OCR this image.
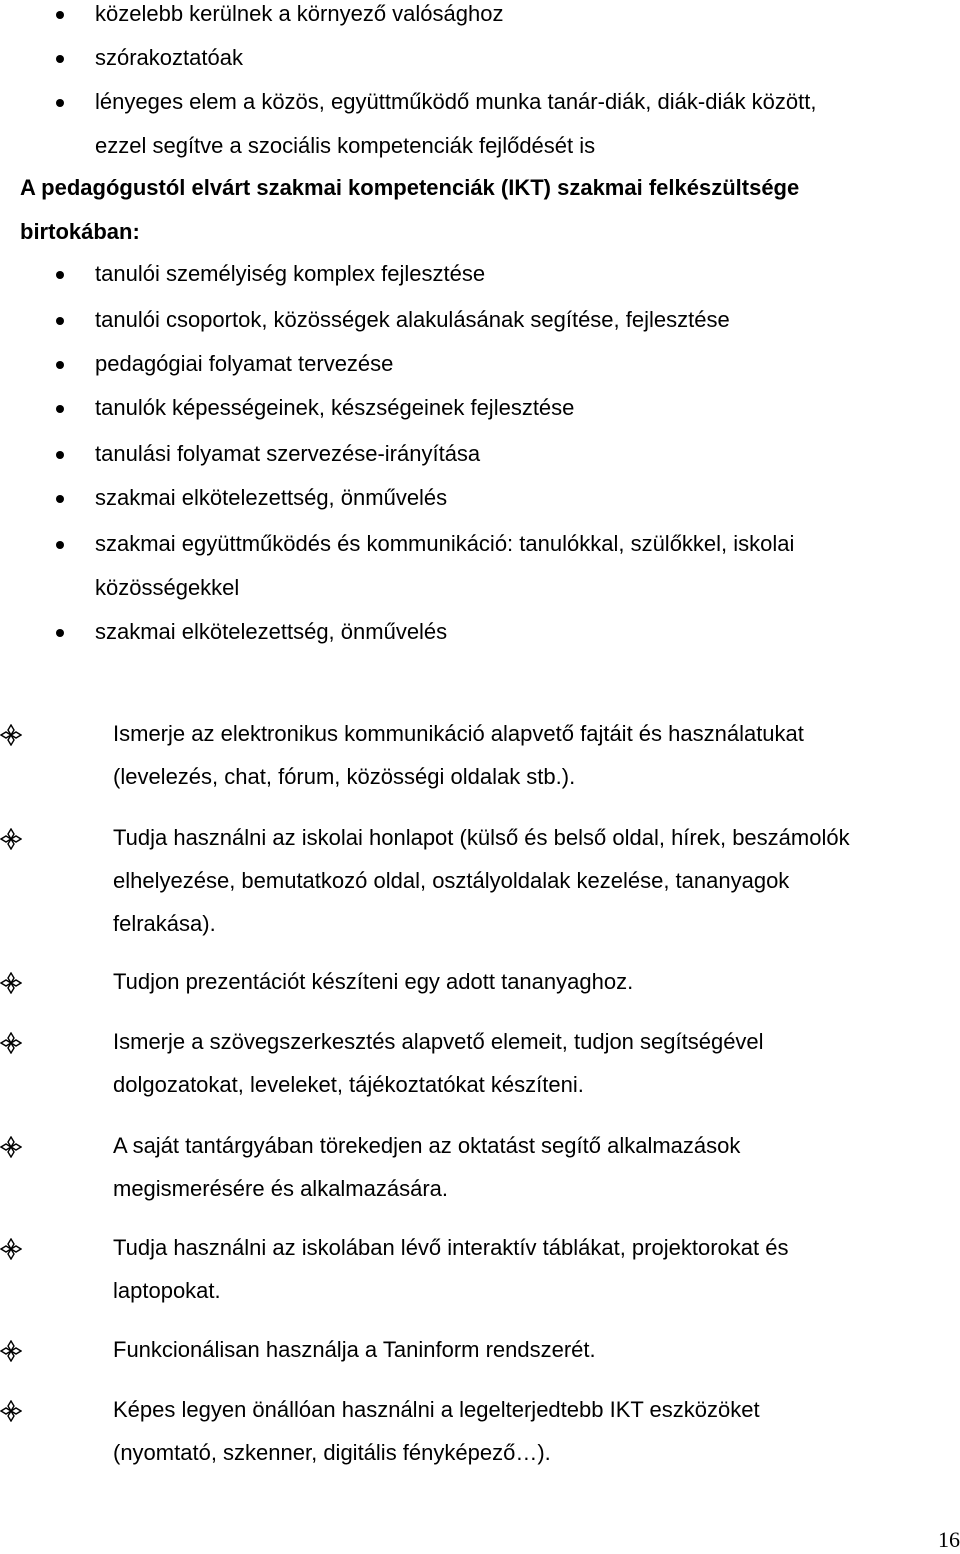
közelebb kerülnek a környező valósághoz
szórakoztatóak
lényeges elem a közös, együttműködő munka tanár-diák, diák-diák között,
ezzel segítve a szociális kompetenciák fejlődését is
A pedagógustól elvárt szakmai kompetenciák (IKT) szakmai felkészültsége
birtokában:
tanulói személyiség komplex fejlesztése
tanulói csoportok, közösségek alakulásának segítése, fejlesztése
pedagógiai folyamat tervezése
tanulók képességeinek, készségeinek fejlesztése
tanulási folyamat szervezése-irányítása
szakmai elkötelezettség, önművelés
szakmai együttműködés és kommunikáció: tanulókkal, szülőkkel, iskolai
közösségekkel
szakmai elkötelezettség, önművelés
Ismerje az elektronikus kommunikáció alapvető fajtáit és használatukat
(levelezés, chat, fórum, közösségi oldalak stb.).
Tudja használni az iskolai honlapot (külső és belső oldal, hírek, beszámolók
elhelyezése, bemutatkozó oldal, osztályoldalak kezelése, tananyagok
felrakása).
Tudjon prezentációt készíteni egy adott tananyaghoz.
Ismerje a szövegszerkesztés alapvető elemeit, tudjon segítségével
dolgozatokat, leveleket, tájékoztatókat készíteni.
A saját tantárgyában törekedjen az oktatást segítő alkalmazások
megismerésére és alkalmazására.
Tudja használni az iskolában lévő interaktív táblákat, projektorokat és
laptopokat.
Funkcionálisan használja a Taninform rendszerét.
Képes legyen önállóan használni a legelterjedtebb IKT eszközöket
(nyomtató, szkenner, digitális fényképező…).
16
